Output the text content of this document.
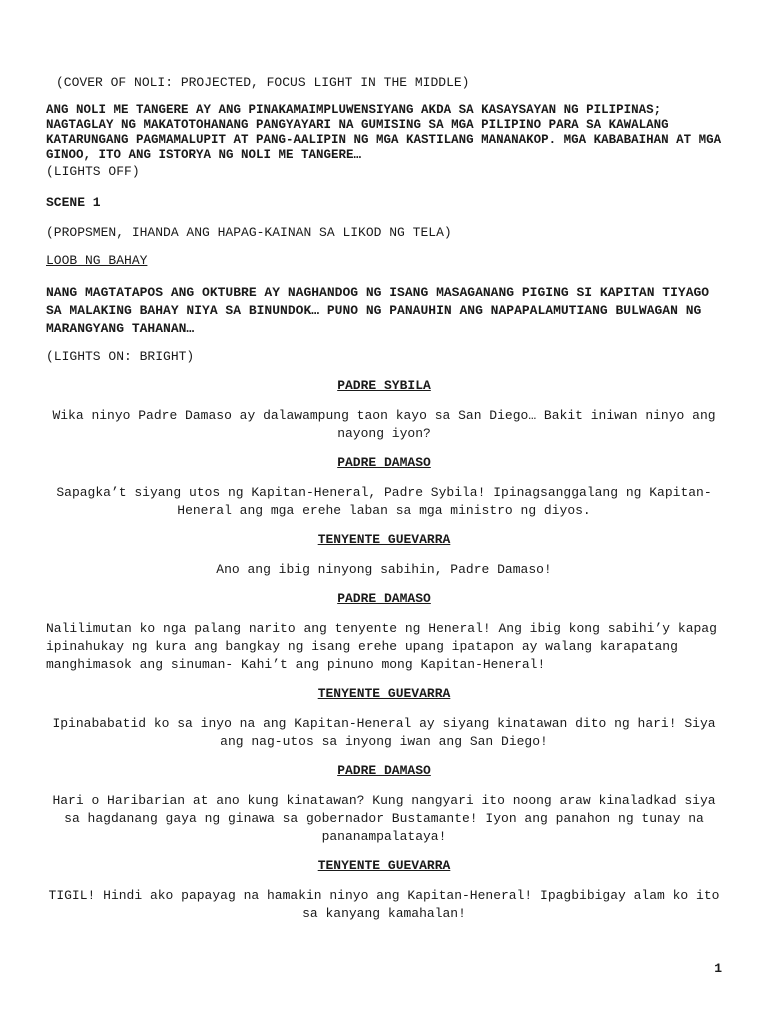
(COVER OF NOLI: PROJECTED, FOCUS LIGHT IN THE MIDDLE)

ANG NOLI ME TANGERE AY ANG PINAKAMAIMPLUWENSIYANG AKDA SA KASAYSAYAN NG PILIPINAS; NAGTAGLAY NG MAKATOTOHANANG PANGYAYARI NA GUMISING SA MGA PILIPINO PARA SA KAWALANG KATARUNGANG PAGMAMALUPIT AT PANG-AALIPIN NG MGA KASTILANG MANANAKOP. MGA KABABAIHAN AT MGA GINOO, ITO ANG ISTORYA NG NOLI ME TANGERE…

(LIGHTS OFF)

SCENE 1

(PROPSMEN, IHANDA ANG HAPAG-KAINAN SA LIKOD NG TELA)

LOOB NG BAHAY

NANG MAGTATAPOS ANG OKTUBRE AY NAGHANDOG NG ISANG MASAGANANG PIGING SI KAPITAN TIYAGO SA MALAKING BAHAY NIYA SA BINUNDOK… PUNO NG PANAUHIN ANG NAPAPALAMUTIANG BULWAGAN NG MARANGYANG TAHANAN…

(LIGHTS ON: BRIGHT)

PADRE SYBILA

Wika ninyo Padre Damaso ay dalawampung taon kayo sa San Diego… Bakit iniwan ninyo ang nayong iyon?

PADRE DAMASO

Sapagka’t siyang utos ng Kapitan-Heneral, Padre Sybila! Ipinagsanggalang ng Kapitan-Heneral ang mga erehe laban sa mga ministro ng diyos.

TENYENTE GUEVARRA

Ano ang ibig ninyong sabihin, Padre Damaso!

PADRE DAMASO

Nalilimutan ko nga palang narito ang tenyente ng Heneral! Ang ibig kong sabihi’y kapag ipinahukay ng kura ang bangkay ng isang erehe upang ipatapon ay walang karapatang manghimasok ang sinuman- Kahi’t ang pinuno mong Kapitan-Heneral!

TENYENTE GUEVARRA

Ipinababatid ko sa inyo na ang Kapitan-Heneral ay siyang kinatawan dito ng hari! Siya ang nag-utos sa inyong iwan ang San Diego!

PADRE DAMASO

Hari o Haribarian at ano kung kinatawan? Kung nangyari ito noong araw kinaladkad siya sa hagdanang gaya ng ginawa sa gobernador Bustamante! Iyon ang panahon ng tunay na pananampalataya!

TENYENTE GUEVARRA

TIGIL! Hindi ako papayag na hamakin ninyo ang Kapitan-Heneral! Ipagbibigay alam ko ito sa kanyang kamahalan!

1
